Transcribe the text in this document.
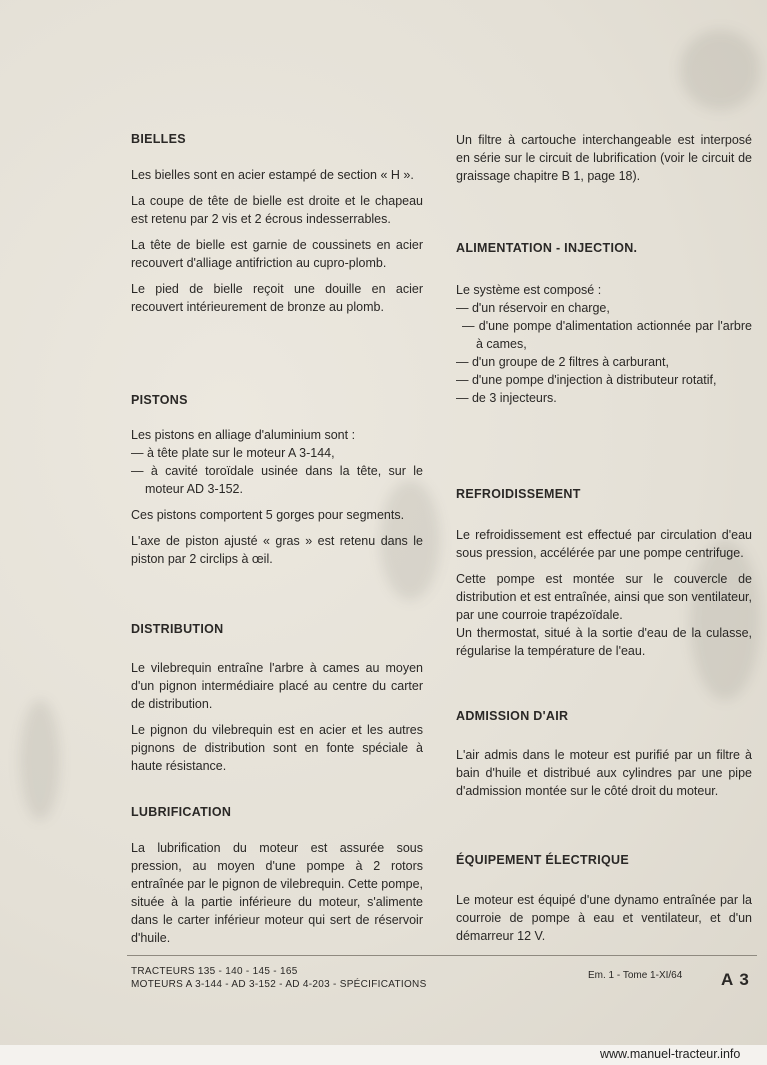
BIELLES
Les bielles sont en acier estampé de section « H ».
La coupe de tête de bielle est droite et le chapeau est retenu par 2 vis et 2 écrous indesserrables.
La tête de bielle est garnie de coussinets en acier recouvert d'alliage antifriction au cupro-plomb.
Le pied de bielle reçoit une douille en acier recouvert intérieurement de bronze au plomb.
PISTONS
Les pistons en alliage d'aluminium sont :
— à tête plate sur le moteur A 3-144,
— à cavité toroïdale usinée dans la tête, sur le moteur AD 3-152.
Ces pistons comportent 5 gorges pour segments.
L'axe de piston ajusté « gras » est retenu dans le piston par 2 circlips à œil.
DISTRIBUTION
Le vilebrequin entraîne l'arbre à cames au moyen d'un pignon intermédiaire placé au centre du carter de distribution.
Le pignon du vilebrequin est en acier et les autres pignons de distribution sont en fonte spéciale à haute résistance.
LUBRIFICATION
La lubrification du moteur est assurée sous pression, au moyen d'une pompe à 2 rotors entraînée par le pignon de vilebrequin. Cette pompe, située à la partie inférieure du moteur, s'alimente dans le carter inférieur moteur qui sert de réservoir d'huile.
Un filtre à cartouche interchangeable est interposé en série sur le circuit de lubrification (voir le circuit de graissage chapitre B 1, page 18).
ALIMENTATION - INJECTION.
Le système est composé :
— d'un réservoir en charge,
— d'une pompe d'alimentation actionnée par l'arbre à cames,
— d'un groupe de 2 filtres à carburant,
— d'une pompe d'injection à distributeur rotatif,
— de 3 injecteurs.
REFROIDISSEMENT
Le refroidissement est effectué par circulation d'eau sous pression, accélérée par une pompe centrifuge.
Cette pompe est montée sur le couvercle de distribution et est entraînée, ainsi que son ventilateur, par une courroie trapézoïdale.
Un thermostat, situé à la sortie d'eau de la culasse, régularise la température de l'eau.
ADMISSION D'AIR
L'air admis dans le moteur est purifié par un filtre à bain d'huile et distribué aux cylindres par une pipe d'admission montée sur le côté droit du moteur.
ÉQUIPEMENT ÉLECTRIQUE
Le moteur est équipé d'une dynamo entraînée par la courroie de pompe à eau et ventilateur, et d'un démarreur 12 V.
TRACTEURS 135 - 140 - 145 - 165
MOTEURS A 3-144 - AD 3-152 - AD 4-203 - SPÉCIFICATIONS
Em. 1 - Tome 1-XI/64 A 3
www.manuel-tracteur.info
